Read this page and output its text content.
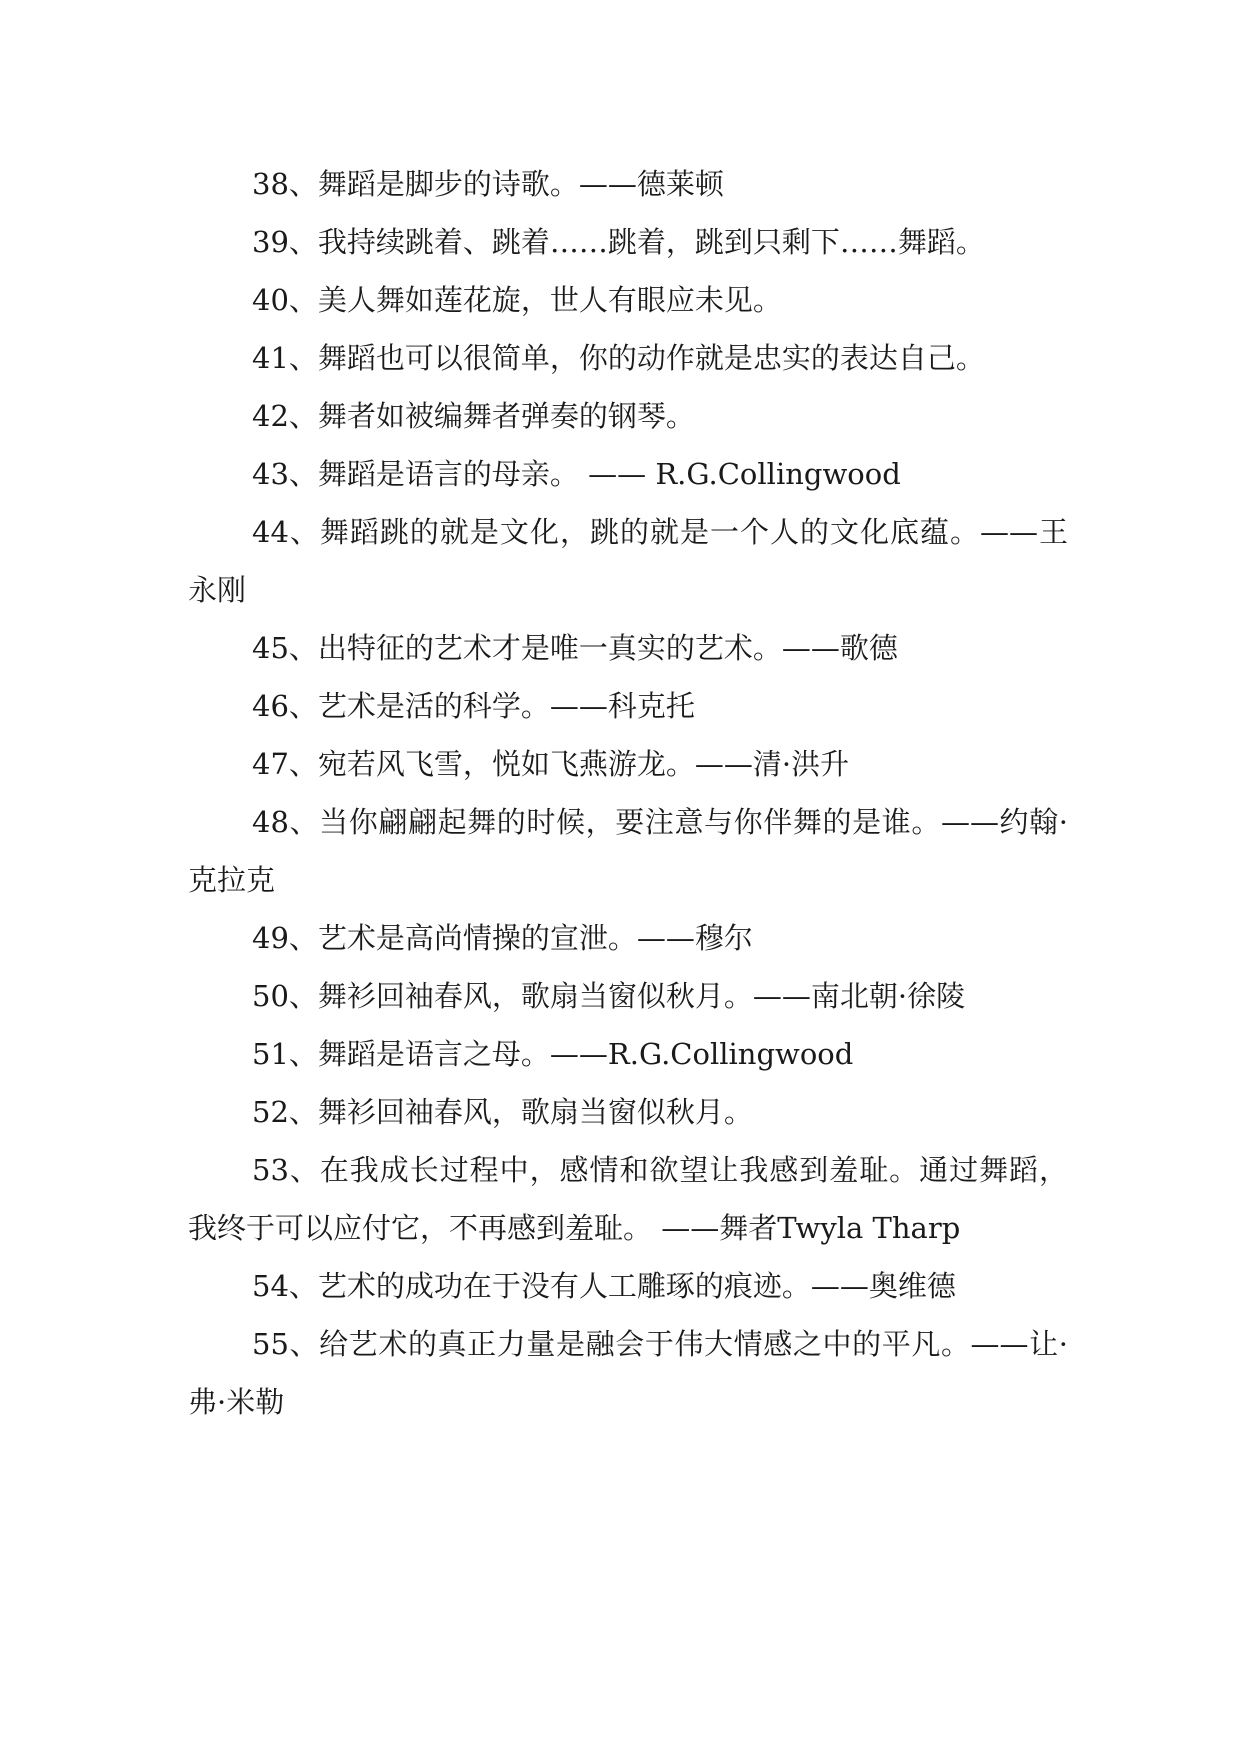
38、舞蹈是脚步的诗歌。——德莱顿

39、我持续跳着、跳着……跳着，跳到只剩下……舞蹈。

40、美人舞如莲花旋，世人有眼应未见。

41、舞蹈也可以很简单，你的动作就是忠实的表达自己。

42、舞者如被编舞者弹奏的钢琴。

43、舞蹈是语言的母亲。 —— R.G.Collingwood

44、舞蹈跳的就是文化，跳的就是一个人的文化底蕴。——王永刚

45、出特征的艺术才是唯一真实的艺术。——歌德

46、艺术是活的科学。——科克托

47、宛若风飞雪，悦如飞燕游龙。——清·洪升

48、当你翩翩起舞的时候，要注意与你伴舞的是谁。——约翰·克拉克

49、艺术是高尚情操的宣泄。——穆尔

50、舞衫回袖春风，歌扇当窗似秋月。——南北朝·徐陵

51、舞蹈是语言之母。——R.G.Collingwood

52、舞衫回袖春风，歌扇当窗似秋月。

53、在我成长过程中，感情和欲望让我感到羞耻。通过舞蹈，我终于可以应付它，不再感到羞耻。 ——舞者Twyla Tharp

54、艺术的成功在于没有人工雕琢的痕迹。——奥维德

55、给艺术的真正力量是融会于伟大情感之中的平凡。——让·弗·米勒
